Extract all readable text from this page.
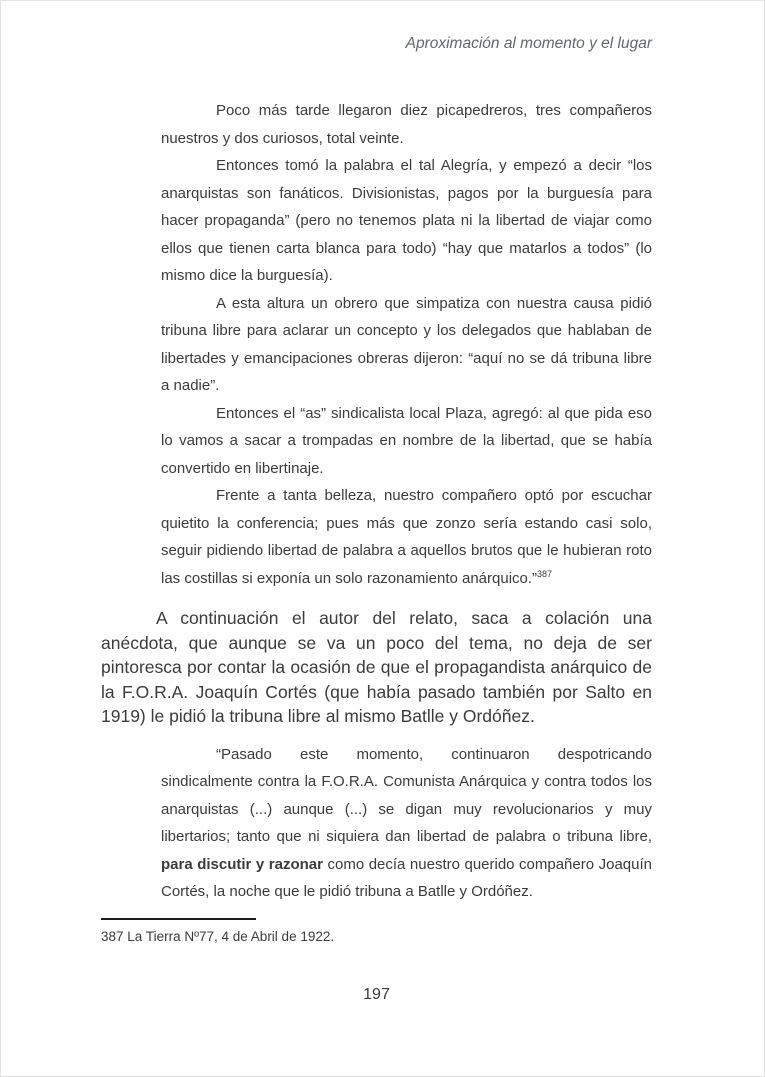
Aproximación al momento y el lugar

Poco más tarde llegaron diez picapedreros, tres compañeros nuestros y dos curiosos, total veinte.

Entonces tomó la palabra el tal Alegría, y empezó a decir “los anarquistas son fanáticos. Divisionistas, pagos por la burguesía para hacer propaganda” (pero no tenemos plata ni la libertad de viajar como ellos que tienen carta blanca para todo) “hay que matarlos a todos” (lo mismo dice la burguesía).

A esta altura un obrero que simpatiza con nuestra causa pidió tribuna libre para aclarar un concepto y los delegados que hablaban de libertades y emancipaciones obreras dijeron: “aquí no se dá tribuna libre a nadie”.

Entonces el “as” sindicalista local Plaza, agregó: al que pida eso lo vamos a sacar a trompadas en nombre de la libertad, que se había convertido en libertinaje.

Frente a tanta belleza, nuestro compañero optó por escuchar quietito la conferencia; pues más que zonzo sería estando casi solo, seguir pidiendo libertad de palabra a aquellos brutos que le hubieran roto las costillas si exponía un solo razonamiento anárquico.”$^{387}$

A continuación el autor del relato, saca a colación una anécdota, que aunque se va un poco del tema, no deja de ser pintoresca por contar la ocasión de que el propagandista anárquico de la F.O.R.A. Joaquín Cortés (que había pasado también por Salto en 1919) le pidió la tribuna libre al mismo Batlle y Ordóñez.

“Pasado este momento, continuaron despotricando sindicalmente contra la F.O.R.A. Comunista Anárquica y contra todos los anarquistas (...) aunque (...) se digan muy revolucionarios y muy libertarios; tanto que ni siquiera dan libertad de palabra o tribuna libre, para discutir y razonar como decía nuestro querido compañero Joaquín Cortés, la noche que le pidió tribuna a Batlle y Ordóñez.

387 La Tierra Nº77, 4 de Abril de 1922.

197
